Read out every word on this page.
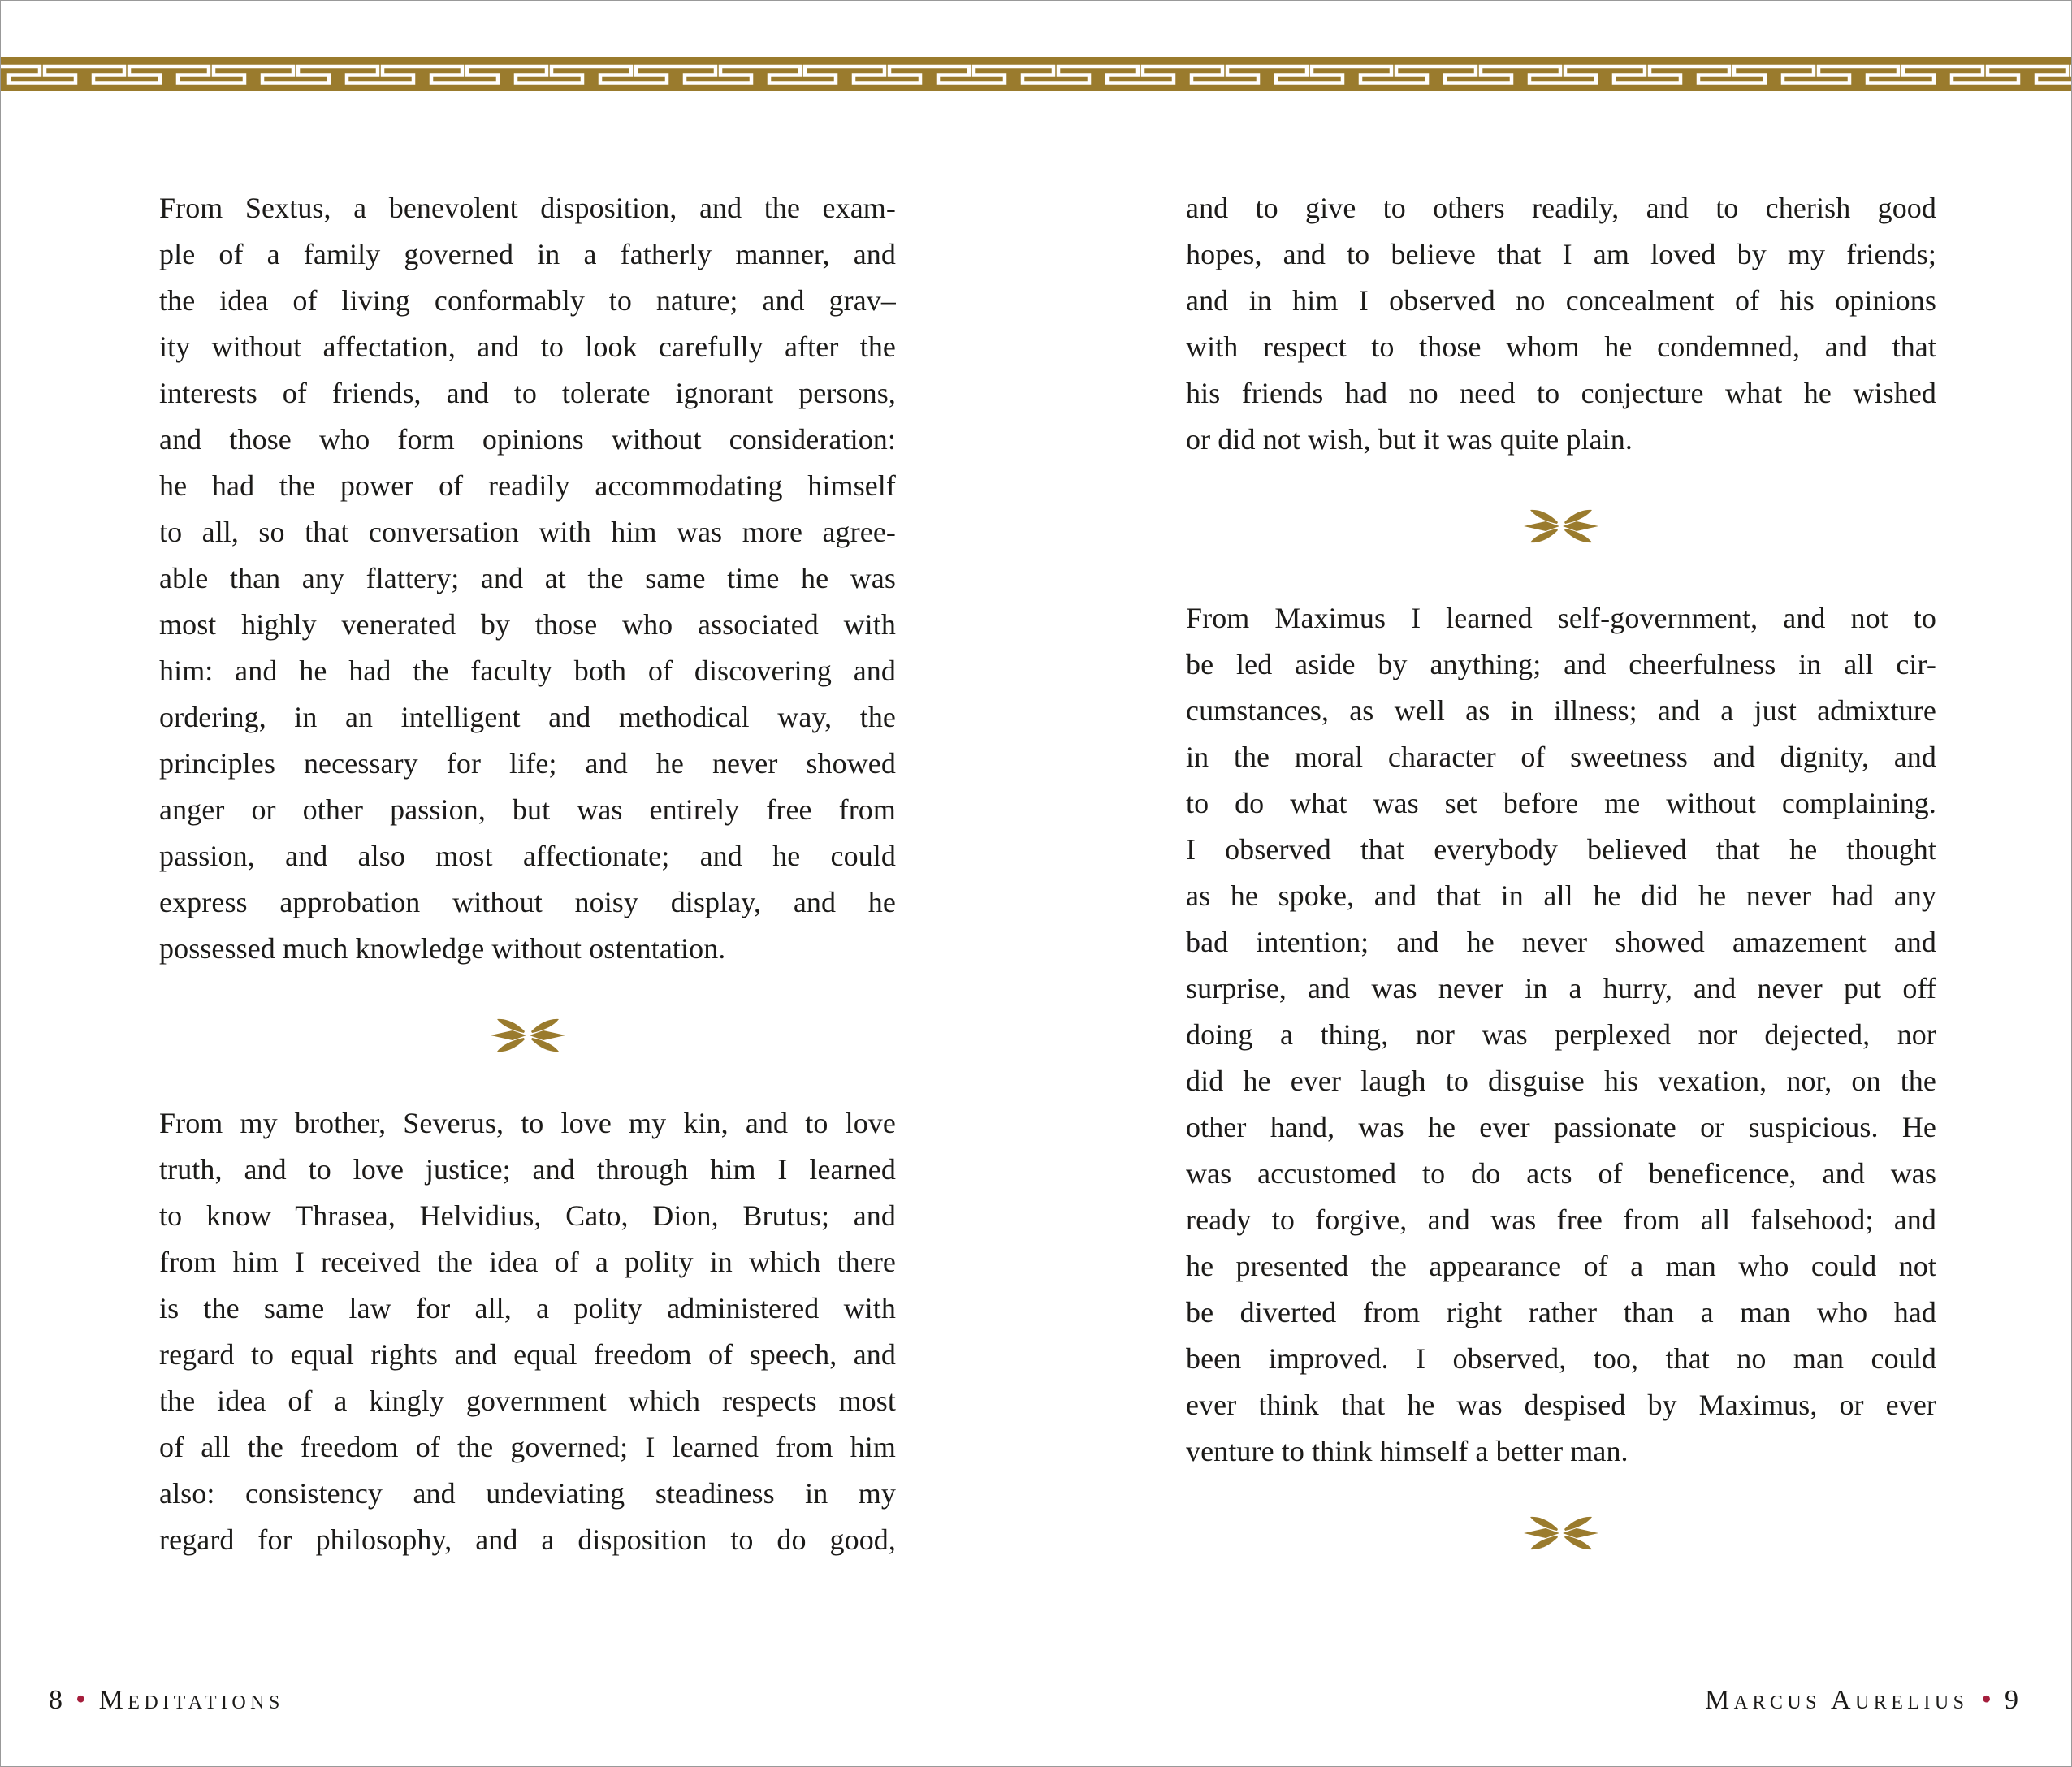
From Sextus, a benevolent disposition, and the exam-
ple of a family governed in a fatherly manner, and
the idea of living conformably to nature; and grav–
ity without affectation, and to look carefully after the
interests of friends, and to tolerate ignorant persons,
and those who form opinions without consideration:
he had the power of readily accommodating himself
to all, so that conversation with him was more agree-
able than any flattery; and at the same time he was
most highly venerated by those who associated with
him: and he had the faculty both of discovering and
ordering, in an intelligent and methodical way, the
principles necessary for life; and he never showed
anger or other passion, but was entirely free from
passion, and also most affectionate; and he could
express approbation without noisy display, and he
possessed much knowledge without ostentation.
From my brother, Severus, to love my kin, and to love
truth, and to love justice; and through him I learned
to know Thrasea, Helvidius, Cato, Dion, Brutus; and
from him I received the idea of a polity in which there
is the same law for all, a polity administered with
regard to equal rights and equal freedom of speech, and
the idea of a kingly government which respects most
of all the freedom of the governed; I learned from him
also: consistency and undeviating steadiness in my
regard for philosophy, and a disposition to do good,
and to give to others readily, and to cherish good
hopes, and to believe that I am loved by my friends;
and in him I observed no concealment of his opinions
with respect to those whom he condemned, and that
his friends had no need to conjecture what he wished
or did not wish, but it was quite plain.
From Maximus I learned self-government, and not to
be led aside by anything; and cheerfulness in all cir-
cumstances, as well as in illness; and a just admixture
in the moral character of sweetness and dignity, and
to do what was set before me without complaining.
I observed that everybody believed that he thought
as he spoke, and that in all he did he never had any
bad intention; and he never showed amazement and
surprise, and was never in a hurry, and never put off
doing a thing, nor was perplexed nor dejected, nor
did he ever laugh to disguise his vexation, nor, on the
other hand, was he ever passionate or suspicious. He
was accustomed to do acts of beneficence, and was
ready to forgive, and was free from all falsehood; and
he presented the appearance of a man who could not
be diverted from right rather than a man who had
been improved. I observed, too, that no man could
ever think that he was despised by Maximus, or ever
venture to think himself a better man.
8 • Meditations	Marcus Aurelius • 9
